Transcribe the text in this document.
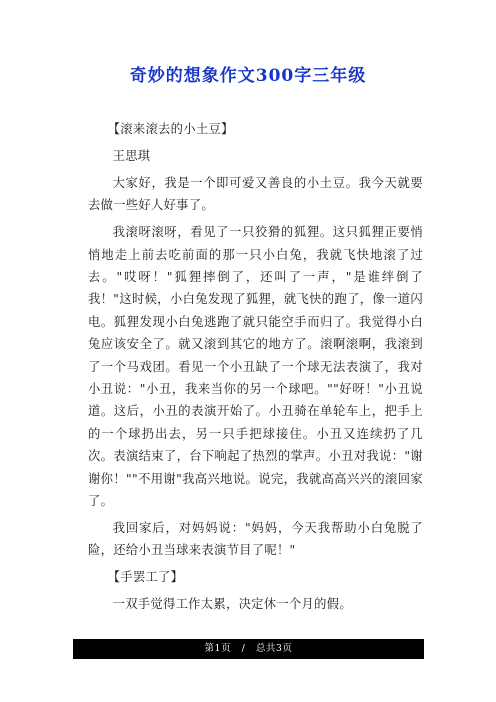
奇妙的想象作文300字三年级

【滚来滚去的小土豆】

王思琪

大家好，我是一个即可爱又善良的小土豆。我今天就要去做一些好人好事了。

我滚呀滚呀，看见了一只狡猾的狐狸。这只狐狸正要悄悄地走上前去吃前面的那一只小白兔，我就飞快地滚了过去。"哎呀！"狐狸摔倒了，还叫了一声，"是谁绊倒了我！"这时候，小白兔发现了狐狸，就飞快的跑了，像一道闪电。狐狸发现小白兔逃跑了就只能空手而归了。我觉得小白兔应该安全了。就又滚到其它的地方了。滚啊滚啊，我滚到了一个马戏团。看见一个小丑缺了一个球无法表演了，我对小丑说："小丑，我来当你的另一个球吧。""好呀！"小丑说道。这后，小丑的表演开始了。小丑骑在单轮车上，把手上的一个球扔出去，另一只手把球接住。小丑又连续扔了几次。表演结束了，台下响起了热烈的掌声。小丑对我说："谢谢你！""不用谢"我高兴地说。说完，我就高高兴兴的滚回家了。

我回家后，对妈妈说："妈妈，今天我帮助小白兔脱了险，还给小丑当球来表演节目了呢！"

【手罢工了】

一双手觉得工作太累，决定休一个月的假。

第1页 / 总共3页
